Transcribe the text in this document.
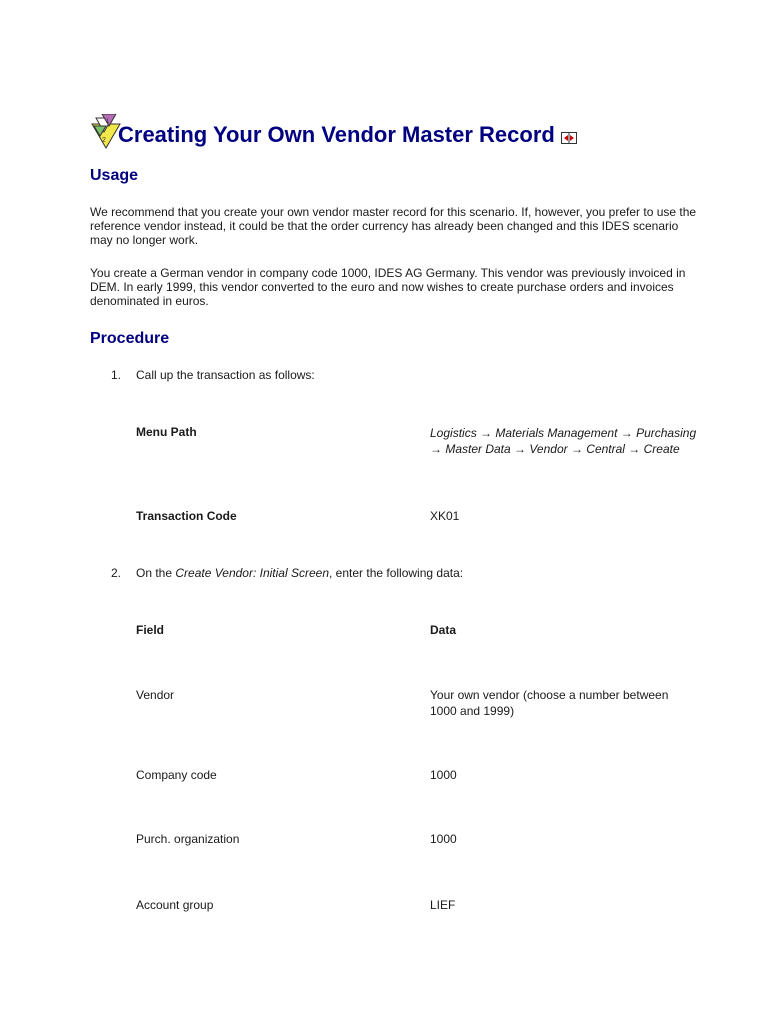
2
1 Creating Your Own Vendor Master Record
Usage

We recommend that you create your own vendor master record for this scenario. If, however, you prefer to use the reference vendor instead, it could be that the order currency has already been changed and this IDES scenario may no longer work.

You create a German vendor in company code 1000, IDES AG Germany. This vendor was previously invoiced in DEM. In early 1999, this vendor converted to the euro and now wishes to create purchase orders and invoices denominated in euros.

Procedure
1. Call up the transaction as follows:
Menu Path	Logistics → Materials Management → Purchasing
→ Master Data → Vendor → Central → Create
Transaction Code	XK01
2. On the Create Vendor: Initial Screen, enter the following data:
Field	Data
Vendor	Your own vendor (choose a number between
1000 and 1999)
Company code	1000
Purch. organization	1000
Account group	LIEF
